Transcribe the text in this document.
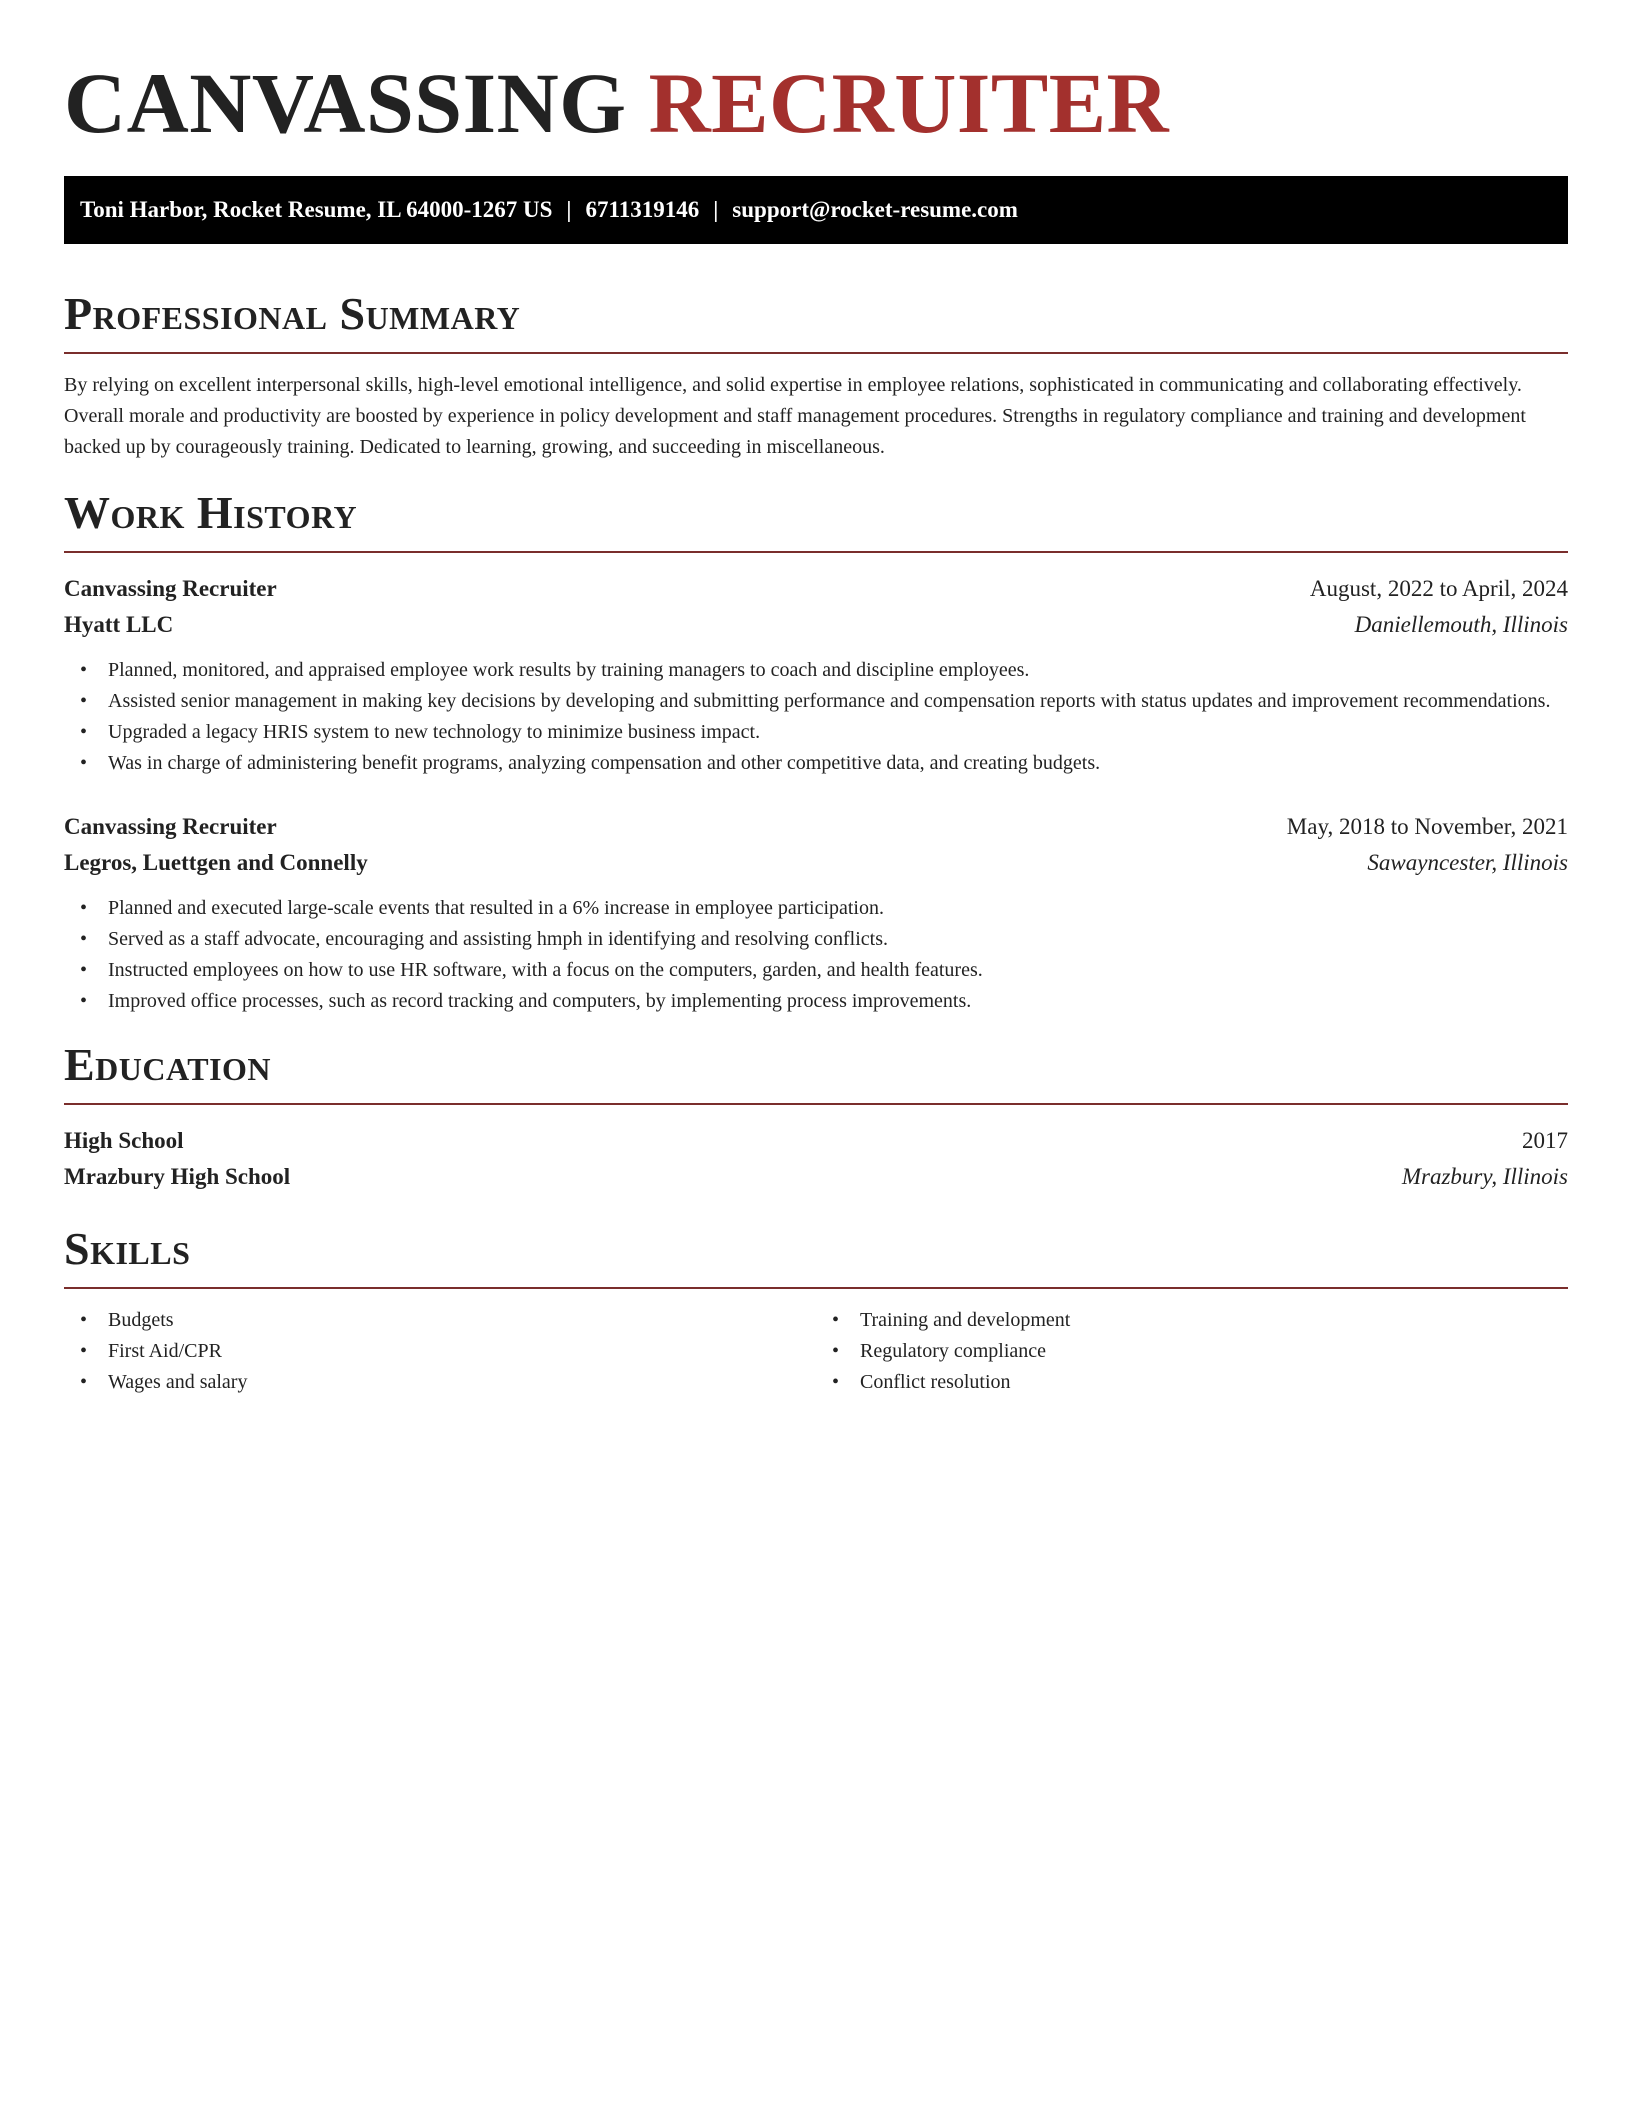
CANVASSING RECRUITER
Toni Harbor, Rocket Resume, IL 64000-1267 US | 6711319146 | support@rocket-resume.com
Professional Summary

By relying on excellent interpersonal skills, high-level emotional intelligence, and solid expertise in employee relations, sophisticated in communicating and collaborating effectively. Overall morale and productivity are boosted by experience in policy development and staff management procedures. Strengths in regulatory compliance and training and development backed up by courageously training. Dedicated to learning, growing, and succeeding in miscellaneous.

Work History
Canvassing Recruiter	August, 2022 to April, 2024
Hyatt LLC	Daniellemouth, Illinois
• Planned, monitored, and appraised employee work results by training managers to coach and discipline employees.
• Assisted senior management in making key decisions by developing and submitting performance and compensation reports with status updates and improvement recommendations.
• Upgraded a legacy HRIS system to new technology to minimize business impact.
• Was in charge of administering benefit programs, analyzing compensation and other competitive data, and creating budgets.
Canvassing Recruiter	May, 2018 to November, 2021
Legros, Luettgen and Connelly	Sawayncester, Illinois
• Planned and executed large-scale events that resulted in a 6% increase in employee participation.
• Served as a staff advocate, encouraging and assisting hmph in identifying and resolving conflicts.
• Instructed employees on how to use HR software, with a focus on the computers, garden, and health features.
• Improved office processes, such as record tracking and computers, by implementing process improvements.
Education
High School	2017
Mrazbury High School	Mrazbury, Illinois
Skills
• Budgets
• First Aid/CPR
• Wages and salary
• Training and development
• Regulatory compliance
• Conflict resolution
